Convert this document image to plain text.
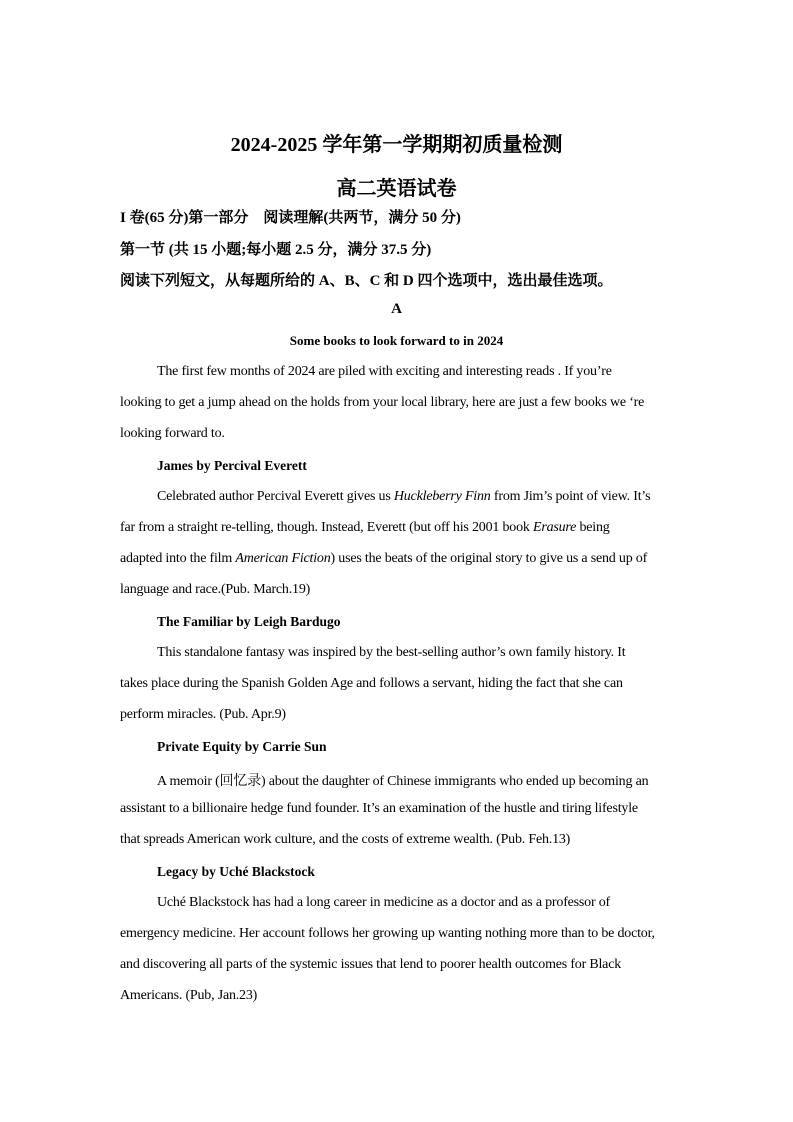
2024-2025 学年第一学期期初质量检测
高二英语试卷
I 卷(65 分)第一部分　阅读理解(共两节，满分 50 分)
第一节 (共 15 小题;每小题 2.5 分，满分 37.5 分)
阅读下列短文，从每题所给的 A、B、C 和 D 四个选项中，选出最佳选项。
A
Some books to look forward to in 2024
The first few months of 2024 are piled with exciting and interesting reads . If you’re
looking to get a jump ahead on the holds from your local library, here are just a few books we ‘re
looking forward to.
James by Percival Everett
Celebrated author Percival Everett gives us Huckleberry Finn from Jim’s point of view. It’s
far from a straight re-telling, though. Instead, Everett (but off his 2001 book Erasure being
adapted into the film American Fiction) uses the beats of the original story to give us a send up of
language and race.(Pub. March.19)
The Familiar by Leigh Bardugo
This standalone fantasy was inspired by the best-selling author’s own family history. It
takes place during the Spanish Golden Age and follows a servant, hiding the fact that she can
perform miracles. (Pub. Apr.9)
Private Equity by Carrie Sun
A memoir (回忆录) about the daughter of Chinese immigrants who ended up becoming an
assistant to a billionaire hedge fund founder. It’s an examination of the hustle and tiring lifestyle
that spreads American work culture, and the costs of extreme wealth. (Pub. Feh.13)
Legacy by Uché Blackstock
Uché Blackstock has had a long career in medicine as a doctor and as a professor of
emergency medicine. Her account follows her growing up wanting nothing more than to be doctor,
and discovering all parts of the systemic issues that lend to poorer health outcomes for Black
Americans. (Pub, Jan.23)
